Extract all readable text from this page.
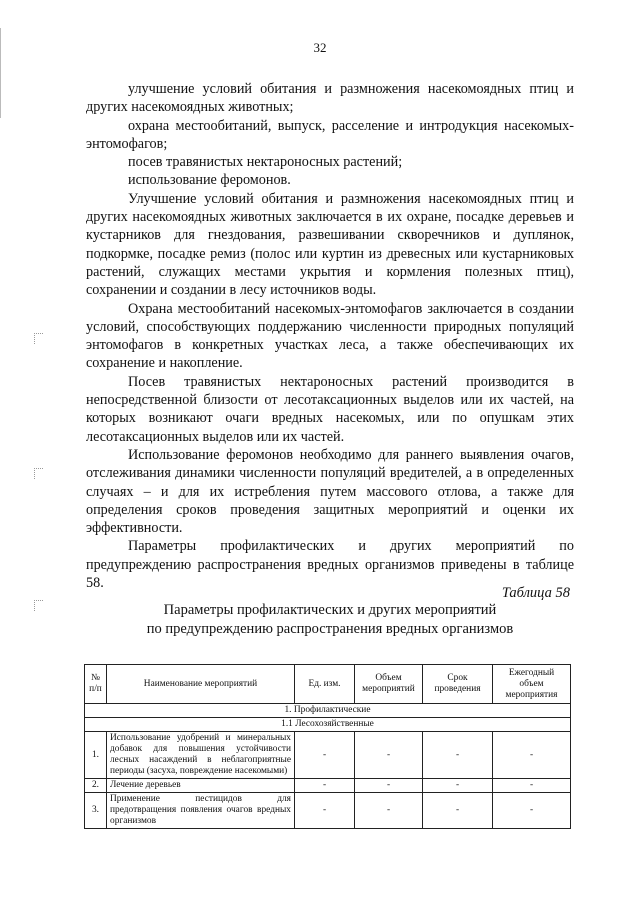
32

улучшение условий обитания и размножения насекомоядных птиц и других насекомоядных животных;

охрана местообитаний, выпуск, расселение и интродукция насекомых-энтомофагов;

посев травянистых нектароносных растений;

использование феромонов.

Улучшение условий обитания и размножения насекомоядных птиц и других насекомоядных животных заключается в их охране, посадке деревьев и кустарников для гнездования, развешивании скворечников и дуплянок, подкормке, посадке ремиз (полос или куртин из древесных или кустарниковых растений, служащих местами укрытия и кормления полезных птиц), сохранении и создании в лесу источников воды.

Охрана местообитаний насекомых-энтомофагов заключается в создании условий, способствующих поддержанию численности природных популяций энтомофагов в конкретных участках леса, а также обеспечивающих их сохранение и накопление.

Посев травянистых нектароносных растений производится в непосредственной близости от лесотаксационных выделов или их частей, на которых возникают очаги вредных насекомых, или по опушкам этих лесотаксационных выделов или их частей.

Использование феромонов необходимо для раннего выявления очагов, отслеживания динамики численности популяций вредителей, а в определенных случаях – и для их истребления путем массового отлова, а также для определения сроков проведения защитных мероприятий и оценки их эффективности.

Параметры профилактических и других мероприятий по предупреждению распространения вредных организмов приведены в таблице 58.

Таблица 58
Параметры профилактических и других мероприятий
по предупреждению распространения вредных организмов
№ п/п	Наименование мероприятий	Ед. изм.	Объем мероприятий	Срок проведения	Ежегодный объем мероприятия
1. Профилактические					
1.1 Лесохозяйственные					
1.	Использование удобрений и минеральных добавок для повышения устойчивости лесных насаждений в неблагоприятные периоды (засуха, повреждение насекомыми)	-	-	-	-
2.	Лечение деревьев	-	-	-	-
3.	Применение пестицидов для предотвращения появления очагов вредных организмов	-	-	-	-
